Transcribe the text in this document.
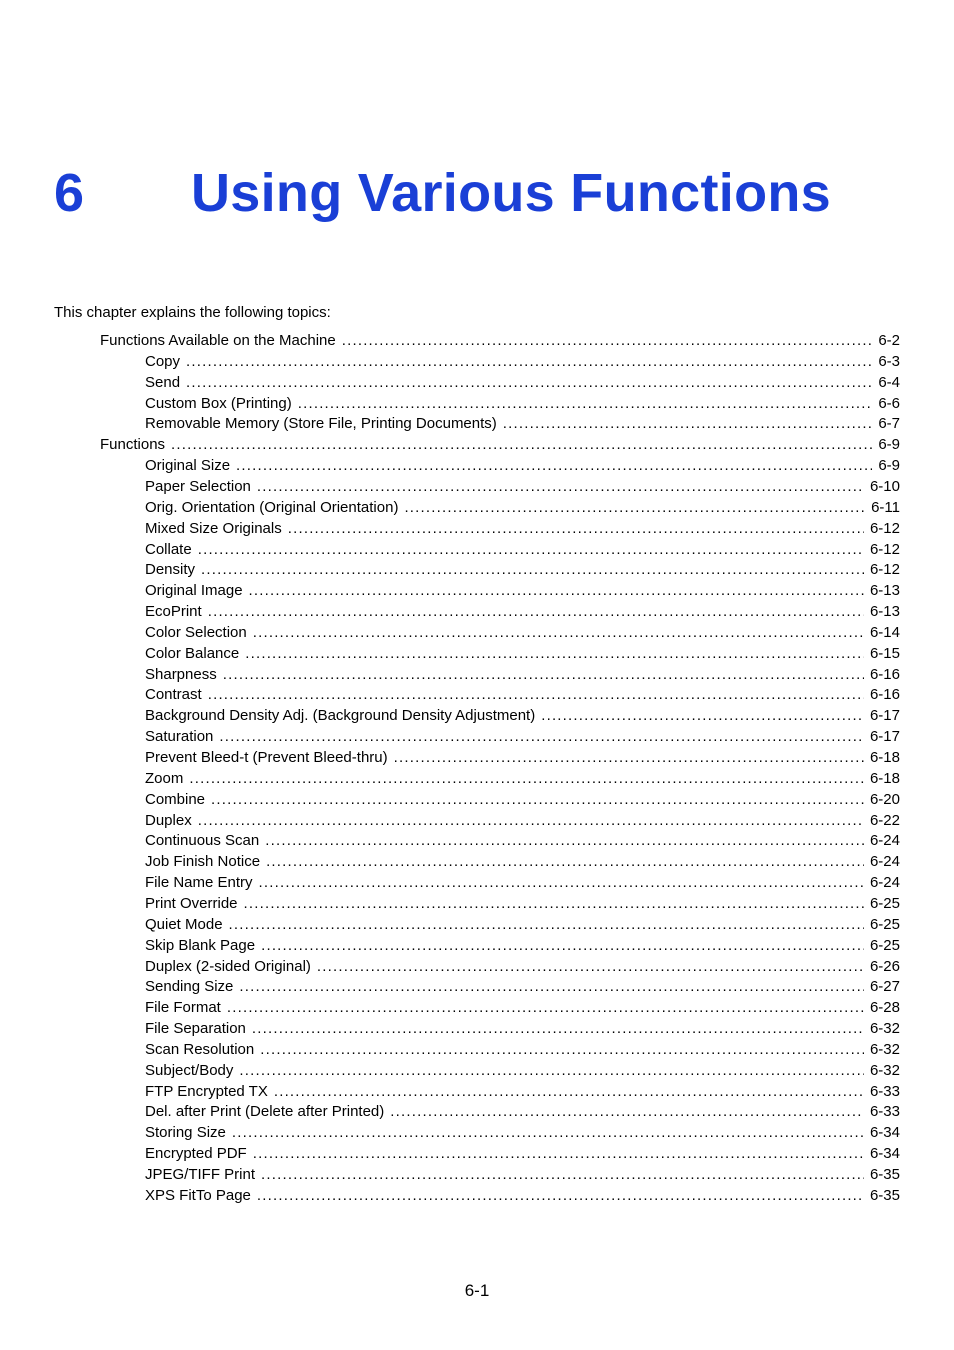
6 Using Various Functions
This chapter explains the following topics:
Functions Available on the Machine .....	6-2
Copy .....	6-3
Send .....	6-4
Custom Box (Printing) .....	6-6
Removable Memory (Store File, Printing Documents) .....	6-7
Functions .....	6-9
Original Size .....	6-9
Paper Selection .....	6-10
Orig. Orientation (Original Orientation) .....	6-11
Mixed Size Originals .....	6-12
Collate .....	6-12
Density .....	6-12
Original Image .....	6-13
EcoPrint .....	6-13
Color Selection .....	6-14
Color Balance .....	6-15
Sharpness .....	6-16
Contrast .....	6-16
Background Density Adj. (Background Density Adjustment) .....	6-17
Saturation .....	6-17
Prevent Bleed-t (Prevent Bleed-thru) .....	6-18
Zoom .....	6-18
Combine .....	6-20
Duplex .....	6-22
Continuous Scan .....	6-24
Job Finish Notice .....	6-24
File Name Entry .....	6-24
Print Override .....	6-25
Quiet Mode .....	6-25
Skip Blank Page .....	6-25
Duplex (2-sided Original) .....	6-26
Sending Size .....	6-27
File Format .....	6-28
File Separation .....	6-32
Scan Resolution .....	6-32
Subject/Body .....	6-32
FTP Encrypted TX .....	6-33
Del. after Print (Delete after Printed) .....	6-33
Storing Size .....	6-34
Encrypted PDF .....	6-34
JPEG/TIFF Print .....	6-35
XPS FitTo Page .....	6-35
6-1
